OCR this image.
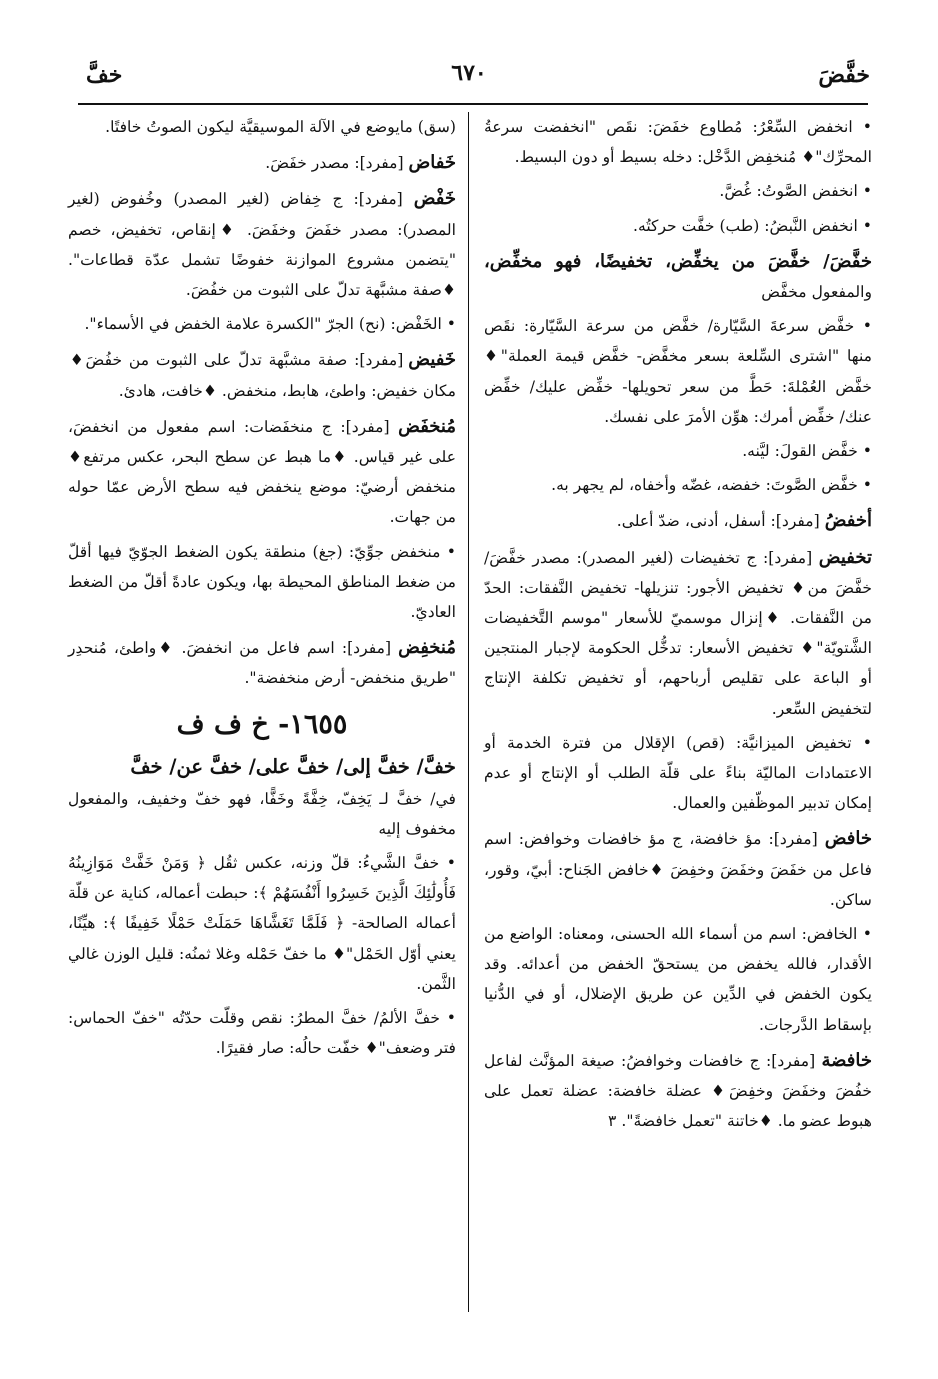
خفَّضَ
٦٧٠
خفَّ

• انخفض السِّعْرُ: مُطاوع خفَضَ: نقَص "انخفضت سرعةُ المحرِّك"♦ مُنخفِض الدَّخْل: دخله بسيط أو دون البسيط.

• انخفض الصَّوتُ: غُضَّ.

• انخفض النَّبضُ: (طب) خفَّت حركتُه.

خفَّضَ/ خفَّضَ من يخفِّض، تخفيضًا، فهو مخفِّض، والمفعول مخفَّض

• خفَّض سرعةَ السَّيّارة/ خفَّض من سرعة السَّيّارة: نقَص منها "اشترى السِّلعة بسعر مخفَّض- خفَّض قيمة العملة"♦ خفَّض العُمْلةَ: حَطَّ من سعر تحويلها- خفِّض عليك/ خفِّض عنك/ خفِّض أمرك: هوِّن الأمرَ على نفسك.

• خفَّض القولَ: ليَّنه.

• خفَّض الصَّوتَ: خفضه، غضّه وأخفاه، لم يجهر به.

أخفضُ [مفرد]: أسفل، أدنى، ضدّ أعلى.

تخفيض [مفرد]: ج تخفيضات (لغير المصدر): مصدر خفَّضَ/ خفَّضَ من♦ تخفيض الأجور: تنزيلها- تخفيض النَّفقات: الحدّ من النَّفقات. ♦إنزال موسميّ للأسعار "موسم التَّخفيضات الشَّتويّة"♦ تخفيض الأسعار: تدخُّل الحكومة لإجبار المنتجين أو الباعة على تقليص أرباحهم، أو تخفيض تكلفة الإنتاج لتخفيض السِّعر.

• تخفيض الميزانيَّة: (قص) الإقلال من فترة الخدمة أو الاعتمادات الماليّة بناءً على قلّة الطلب أو الإنتاج أو عدم إمكان تدبير الموظّفين والعمال.

خافض [مفرد]: مؤ خافضة، ج مؤ خافضات وخوافض: اسم فاعل من خفَضَ وخفَضَ وخفِضَ ♦خافض الجَناح: أبيّ، وقور، ساكن.

• الخافض: اسم من أسماء الله الحسنى، ومعناه: الواضع من الأقدار، فالله يخفض من يستحقّ الخفض من أعدائه. وقد يكون الخفض في الدِّين عن طريق الإضلال، أو في الدُّنيا بإسقاط الدَّرجات.

خافضة [مفرد]: ج خافضات وخوافضُ: صيغة المؤنَّث لفاعل خفُضَ وخفَضَ وخفِضَ♦ عضلة خافضة: عضلة تعمل على هبوط عضو ما. ♦خاتنة "تعمل خافضةً". ٣

(سق) مايوضع في الآلة الموسيقيَّة ليكون الصوتُ خافتًا.

خَفاض [مفرد]: مصدر خفَضَ.

خَفْض [مفرد]: ج خِفاض (لغير المصدر) وخُفوض (لغير المصدر): مصدر خفَضَ وخفَضَ. ♦إنقاص، تخفيض، خصم "يتضمن مشروع الموازنة خفوضًا تشمل عدّة قطاعات". ♦صفة مشبَّهة تدلّ على الثبوت من خفُضَ.

• الخَفْض: (نح) الجرّ "الكسرة علامة الخفض في الأسماء".

خَفيض [مفرد]: صفة مشبَّهة تدلّ على الثبوت من خفُضَ♦ مكان خفيض: واطئ، هابط، منخفض. ♦خافت، هادئ.

مُنخفَض [مفرد]: ج منخفَضات: اسم مفعول من انخفضَ، على غير قياس. ♦ما هبط عن سطح البحر، عكس مرتفع♦ منخفض أرضيّ: موضع ينخفض فيه سطح الأرض عمّا حوله من جهات.

• منخفض جوِّيّ: (جغ) منطقة يكون الضغط الجوّيّ فيها أقلّ من ضغط المناطق المحيطة بها، ويكون عادةً أقلّ من الضغط العاديّ.

مُنخفِض [مفرد]: اسم فاعل من انخفضَ. ♦واطئ، مُنحدِر "طريق منخفض- أرض منخفضة".

١٦٥٥- خ ف ف

خفَّ/ خفَّ إلى/ خفَّ على/ خفَّ عن/ خفَّ

في/ خفَّ لـ يَخِفّ، خِفَّةً وخَفًّا، فهو خفّ وخفيف، والمفعول مخفوف إليه

• خفَّ الشَّيءُ: قلّ وزنه، عكس ثقُل ﴿ وَمَنْ خَفَّتْ مَوَازِينُهُ فَأُولَٰئِكَ الَّذِينَ خَسِرُوا أَنْفُسَهُمْ ﴾: حبطت أعماله، كناية عن قلّة أعماله الصالحة- ﴿ فَلَمَّا تَغَشَّاهَا حَمَلَتْ حَمْلًا خَفِيفًا ﴾: هيِّنًا، يعني أوّل الحَمْل"♦ ما خفّ حَمْله وغلا ثمنُه: قليل الوزن غالي الثَّمن.

• خفَّ الألمُ/ خفَّ المطرُ: نقص وقلّت حدّتُه "خفّ الحماس: فتر وضعف"♦ خفّت حالُه: صار فقيرًا.
